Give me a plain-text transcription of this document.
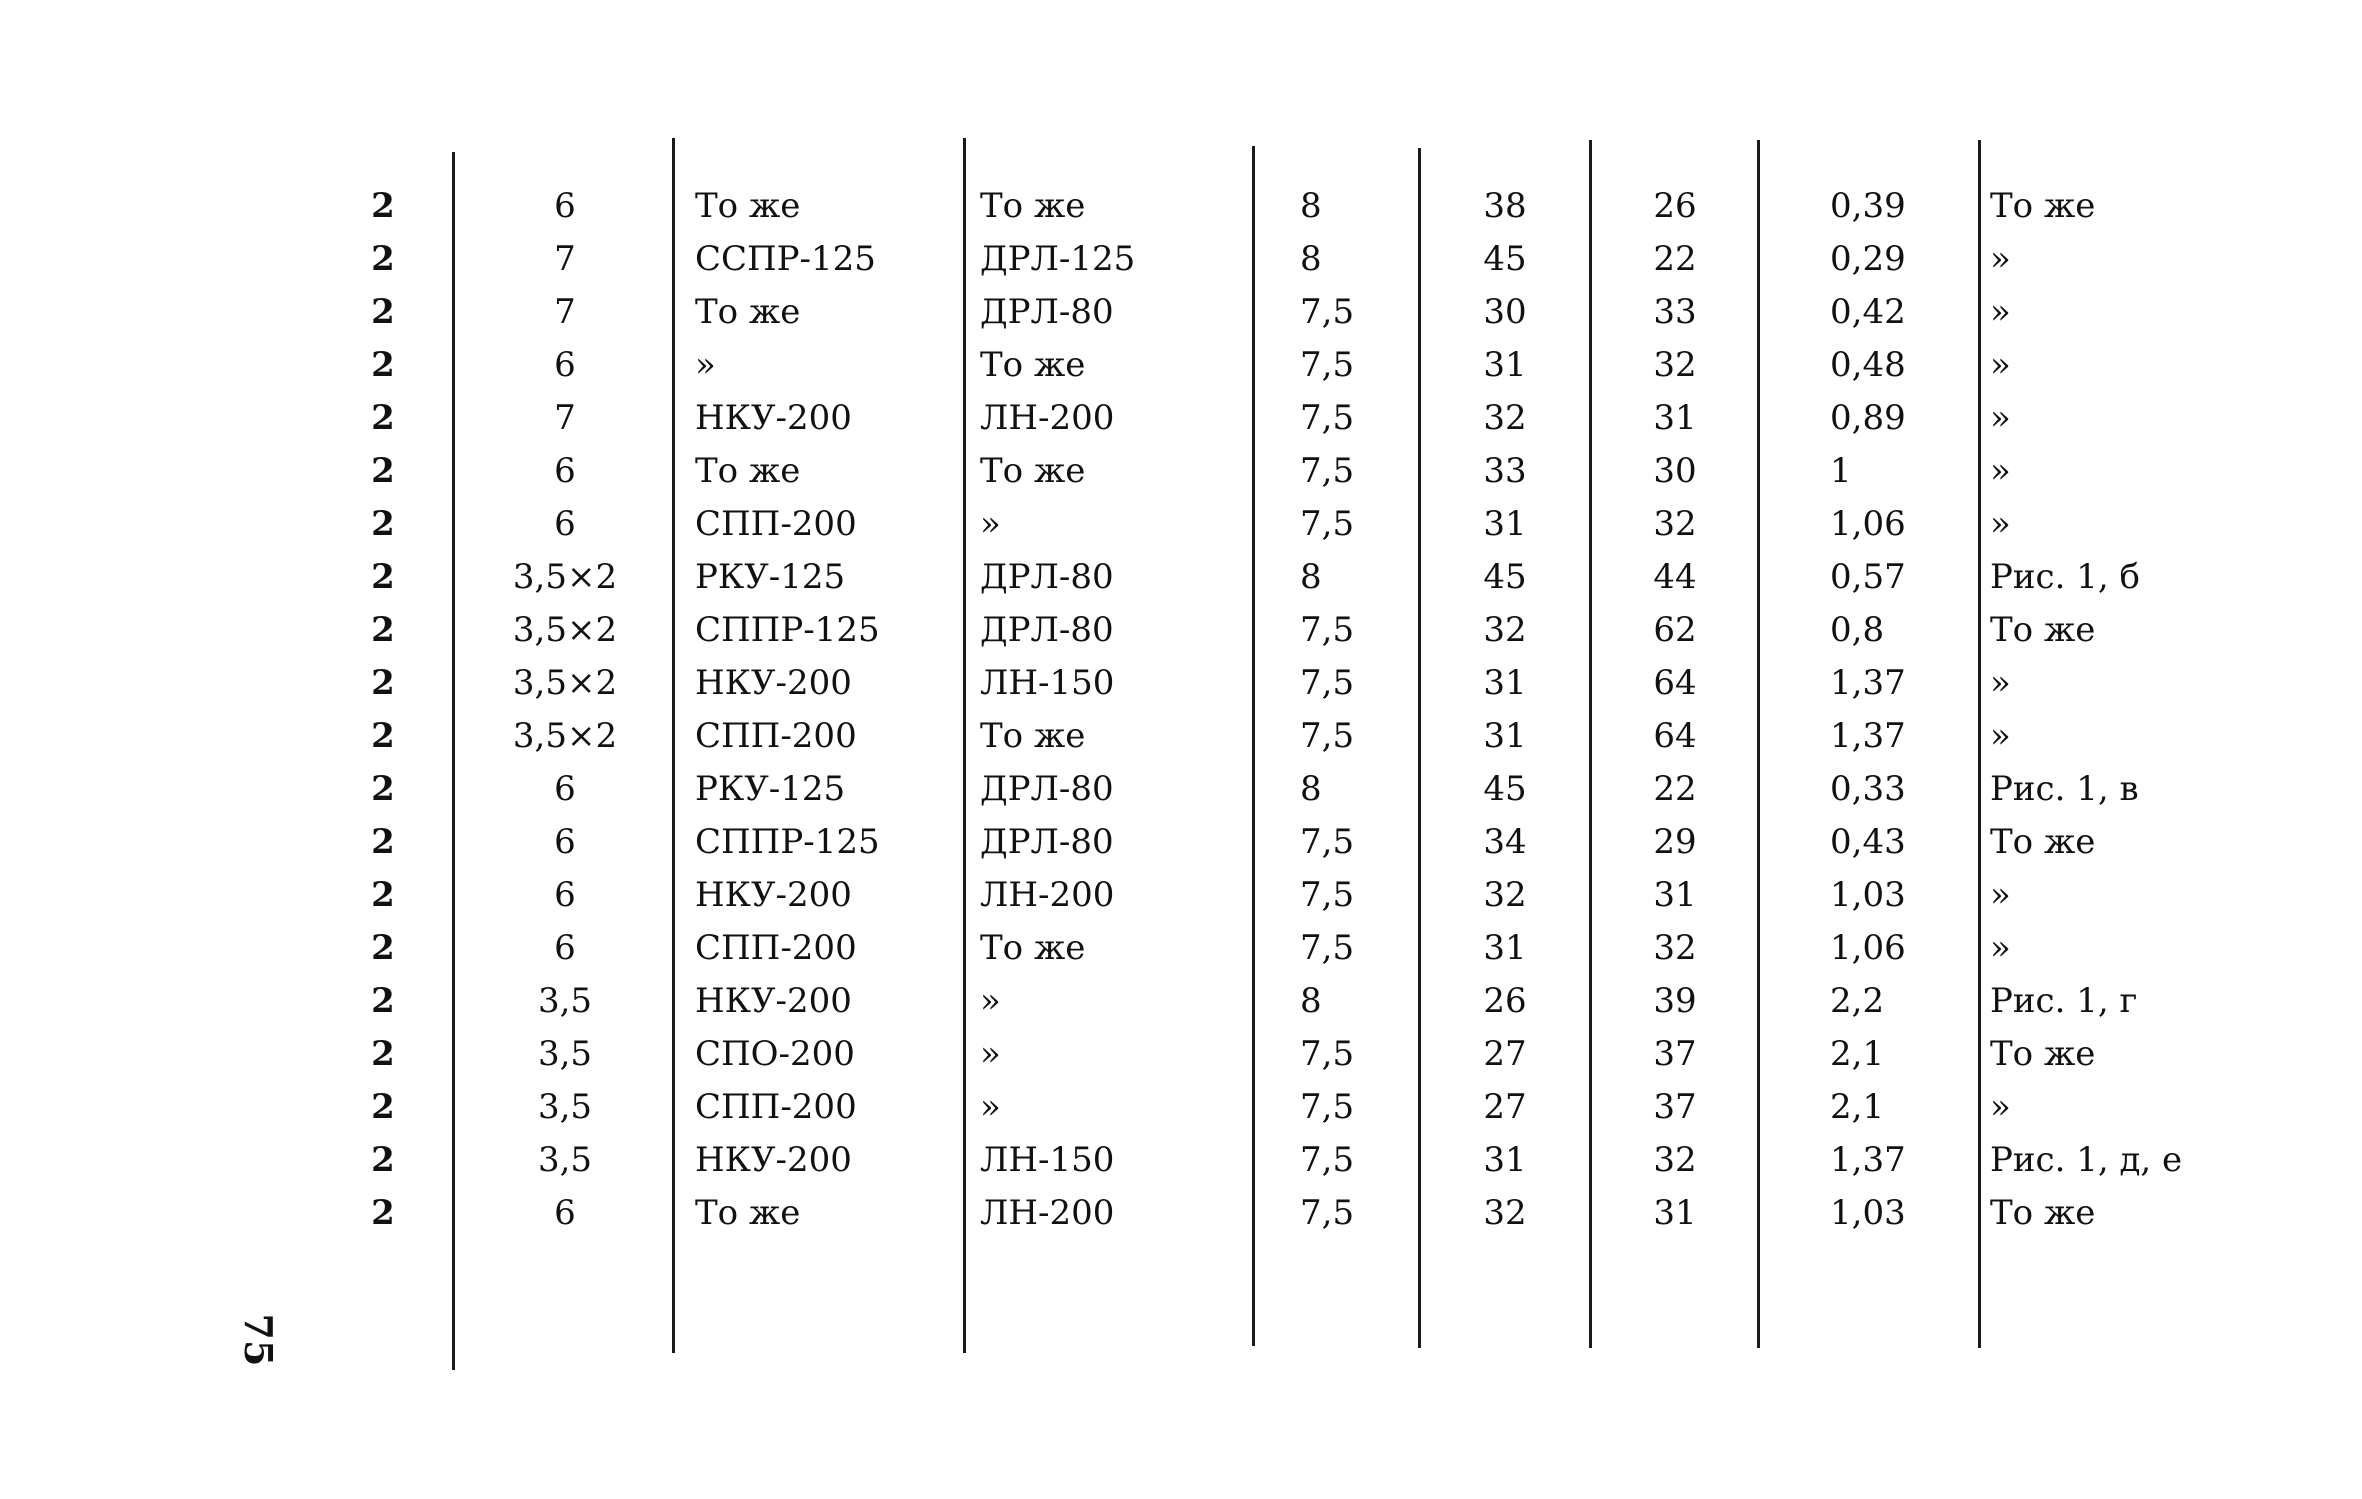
2	6	То же	То же	8	38	26	0,39	То же
2	7	ССПР-125	ДРЛ-125	8	45	22	0,29	»
2	7	То же	ДРЛ-80	7,5	30	33	0,42	»
2	6	»	То же	7,5	31	32	0,48	»
2	7	НКУ-200	ЛН-200	7,5	32	31	0,89	»
2	6	То же	То же	7,5	33	30	1	»
2	6	СПП-200	»	7,5	31	32	1,06	»
2	3,5×2	РКУ-125	ДРЛ-80	8	45	44	0,57	Рис. 1, б
2	3,5×2	СППР-125	ДРЛ-80	7,5	32	62	0,8	То же
2	3,5×2	НКУ-200	ЛН-150	7,5	31	64	1,37	»
2	3,5×2	СПП-200	То же	7,5	31	64	1,37	»
2	6	РКУ-125	ДРЛ-80	8	45	22	0,33	Рис. 1, в
2	6	СППР-125	ДРЛ-80	7,5	34	29	0,43	То же
2	6	НКУ-200	ЛН-200	7,5	32	31	1,03	»
2	6	СПП-200	То же	7,5	31	32	1,06	»
2	3,5	НКУ-200	»	8	26	39	2,2	Рис. 1, г
2	3,5	СПО-200	»	7,5	27	37	2,1	То же
2	3,5	СПП-200	»	7,5	27	37	2,1	»
2	3,5	НКУ-200	ЛН-150	7,5	31	32	1,37	Рис. 1, д, е
2	6	То же	ЛН-200	7,5	32	31	1,03	То же
75
